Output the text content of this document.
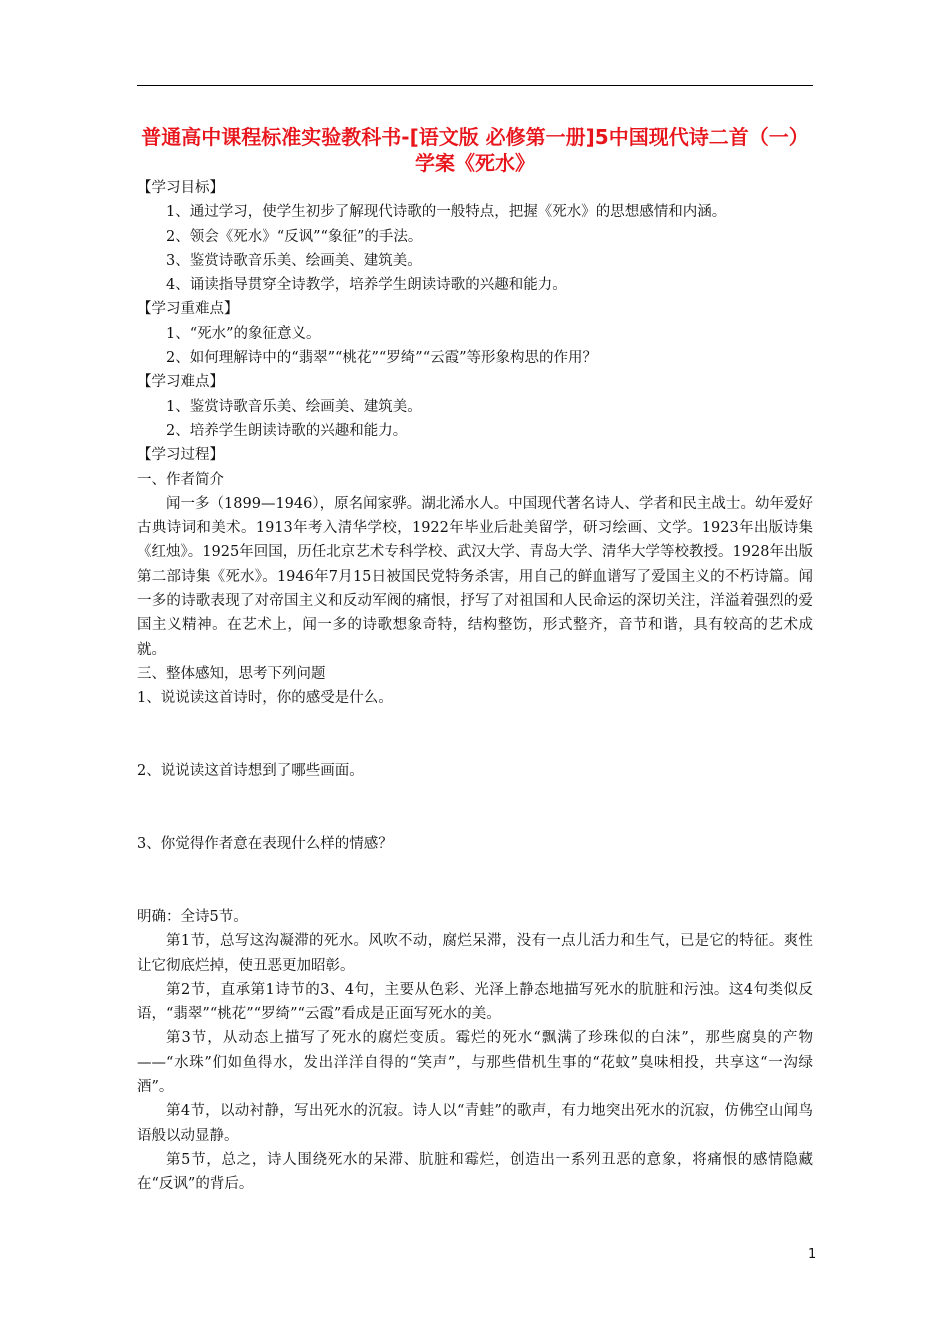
普通高中课程标准实验教科书-[语文版 必修第一册]5中国现代诗二首（一）学案《死水》

【学习目标】

1、通过学习，使学生初步了解现代诗歌的一般特点，把握《死水》的思想感情和内涵。

2、领会《死水》“反讽”“象征”的手法。

3、鉴赏诗歌音乐美、绘画美、建筑美。

4、诵读指导贯穿全诗教学，培养学生朗读诗歌的兴趣和能力。

【学习重难点】

1、“死水”的象征意义。

2、如何理解诗中的“翡翠”“桃花”“罗绮”“云霞”等形象构思的作用？

【学习难点】

1、鉴赏诗歌音乐美、绘画美、建筑美。

2、培养学生朗读诗歌的兴趣和能力。

【学习过程】

一、作者简介

闻一多（1899—1946），原名闻家骅。湖北浠水人。中国现代著名诗人、学者和民主战士。幼年爱好古典诗词和美术。1913年考入清华学校，1922年毕业后赴美留学，研习绘画、文学。1923年出版诗集《红烛》。1925年回国，历任北京艺术专科学校、武汉大学、青岛大学、清华大学等校教授。1928年出版第二部诗集《死水》。1946年7月15日被国民党特务杀害，用自己的鲜血谱写了爱国主义的不朽诗篇。闻一多的诗歌表现了对帝国主义和反动军阀的痛恨，抒写了对祖国和人民命运的深切关注，洋溢着强烈的爱国主义精神。在艺术上，闻一多的诗歌想象奇特，结构整饬，形式整齐，音节和谐，具有较高的艺术成就。

三、整体感知，思考下列问题

1、说说读这首诗时，你的感受是什么。

2、说说读这首诗想到了哪些画面。

3、你觉得作者意在表现什么样的情感？

明确：全诗5节。

第1节，总写这沟凝滞的死水。风吹不动，腐烂呆滞，没有一点儿活力和生气，已是它的特征。爽性让它彻底烂掉，使丑恶更加昭彰。

第2节，直承第1诗节的3、4句，主要从色彩、光泽上静态地描写死水的肮脏和污浊。这4句类似反语，“翡翠”“桃花”“罗绮”“云霞”看成是正面写死水的美。

第3节，从动态上描写了死水的腐烂变质。霉烂的死水“飘满了珍珠似的白沫”，那些腐臭的产物——“水珠”们如鱼得水，发出洋洋自得的“笑声”，与那些借机生事的“花蚊”臭味相投，共享这“一沟绿酒”。

第4节，以动衬静，写出死水的沉寂。诗人以“青蛙”的歌声，有力地突出死水的沉寂，仿佛空山闻鸟语般以动显静。

第5节，总之，诗人围绕死水的呆滞、肮脏和霉烂，创造出一系列丑恶的意象，将痛恨的感情隐藏在“反讽”的背后。

1
